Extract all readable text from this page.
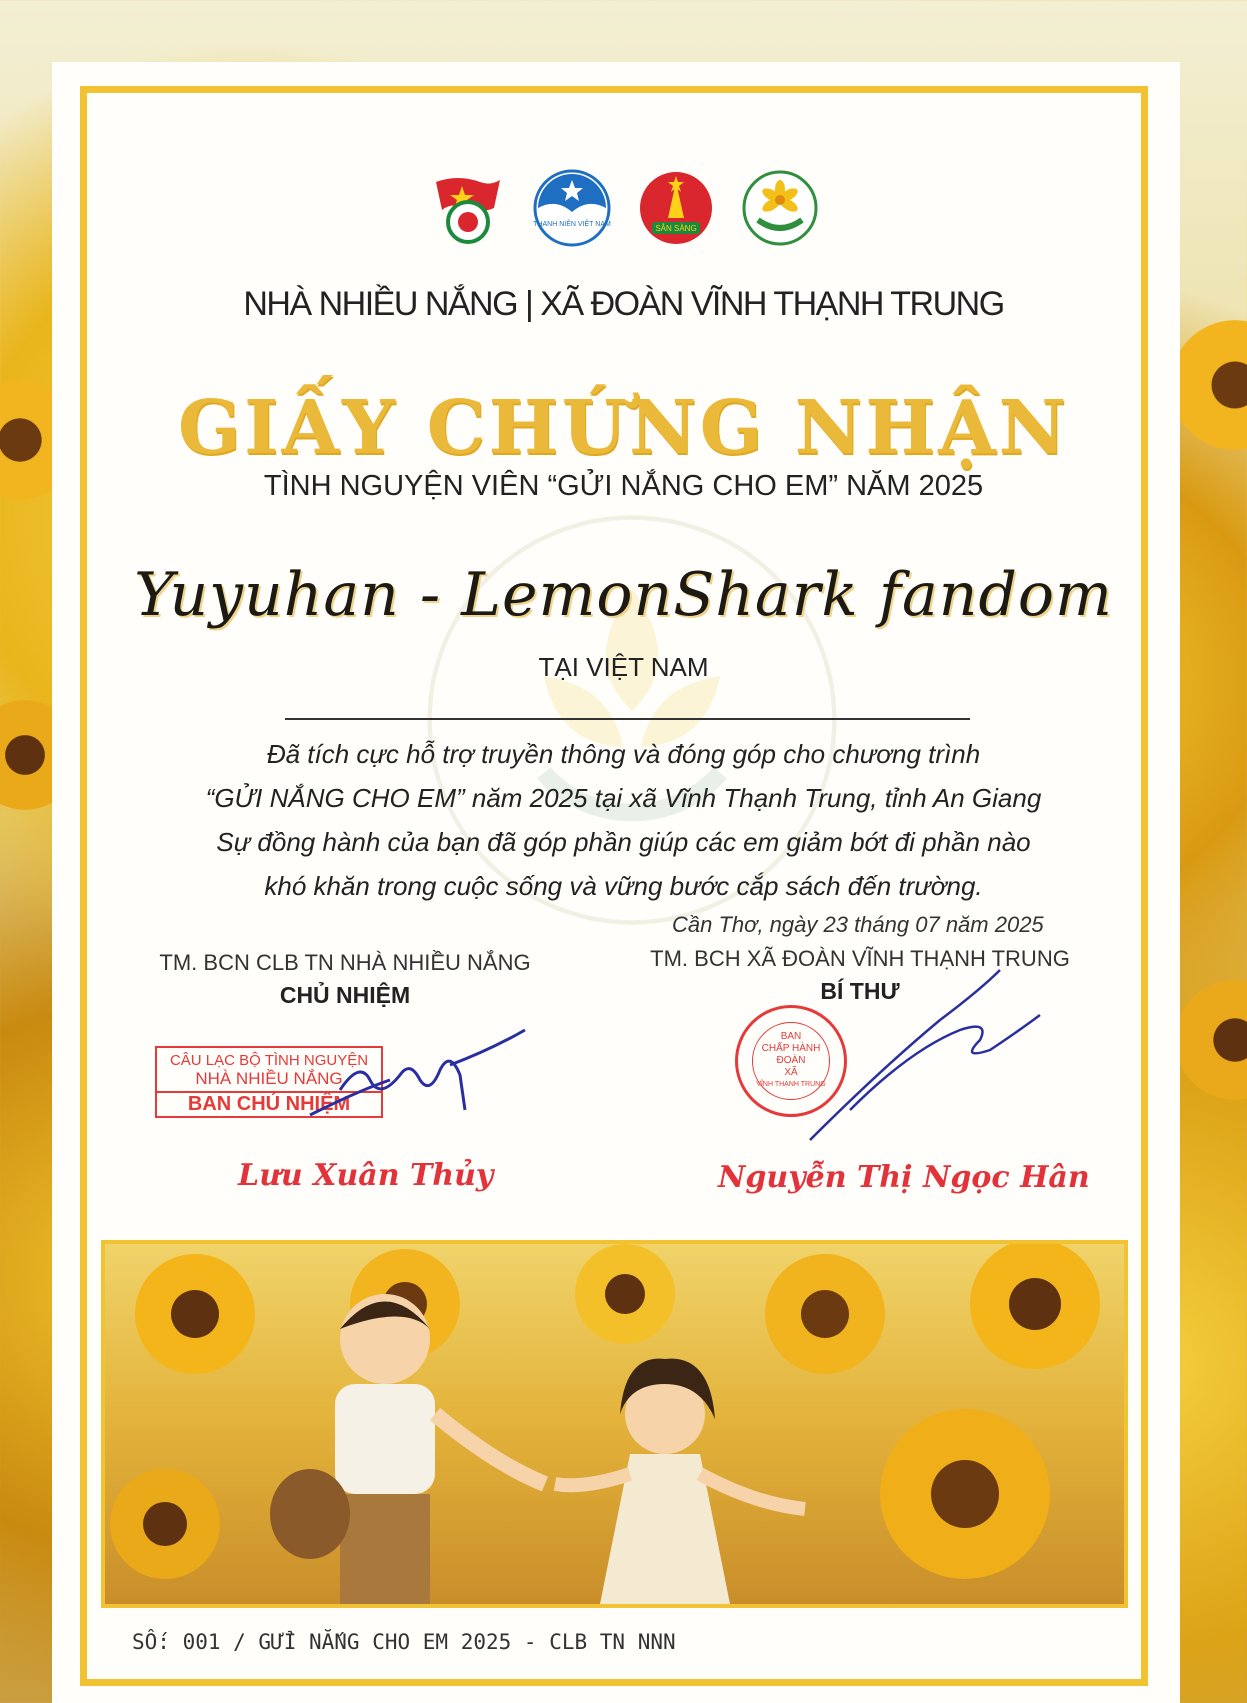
THANH NIÊN VIỆT NAM	SẴN SÀNG
NHÀ NHIỀU NẮNG | XÃ ĐOÀN VĨNH THẠNH TRUNG
GIẤY CHỨNG NHẬN
TÌNH NGUYỆN VIÊN “GỬI NẮNG CHO EM” NĂM 2025
Yuyuhan - LemonShark fandom
TẠI VIỆT NAM
Đã tích cực hỗ trợ truyền thông và đóng góp cho chương trình
“GỬI NẮNG CHO EM” năm 2025 tại xã Vĩnh Thạnh Trung, tỉnh An Giang
Sự đồng hành của bạn đã góp phần giúp các em giảm bớt đi phần nào
khó khăn trong cuộc sống và vững bước cắp sách đến trường.
Cần Thơ, ngày 23 tháng 07 năm 2025
TM. BCN CLB TN NHÀ NHIỀU NẮNG
CHỦ NHIỆM
TM. BCH XÃ ĐOÀN VĨNH THẠNH TRUNG
BÍ THƯ
CÂU LẠC BỘ TÌNH NGUYỆN
NHÀ NHIỀU NẮNG
BAN CHỦ NHIỆM
Lưu Xuân Thủy
BAN
CHẤP HÀNH
ĐOÀN
XÃ
VĨNH THẠNH TRUNG
Nguyễn Thị Ngọc Hân
SỐ: 001 / GỬI NẮNG CHO EM 2025 - CLB TN NNN
